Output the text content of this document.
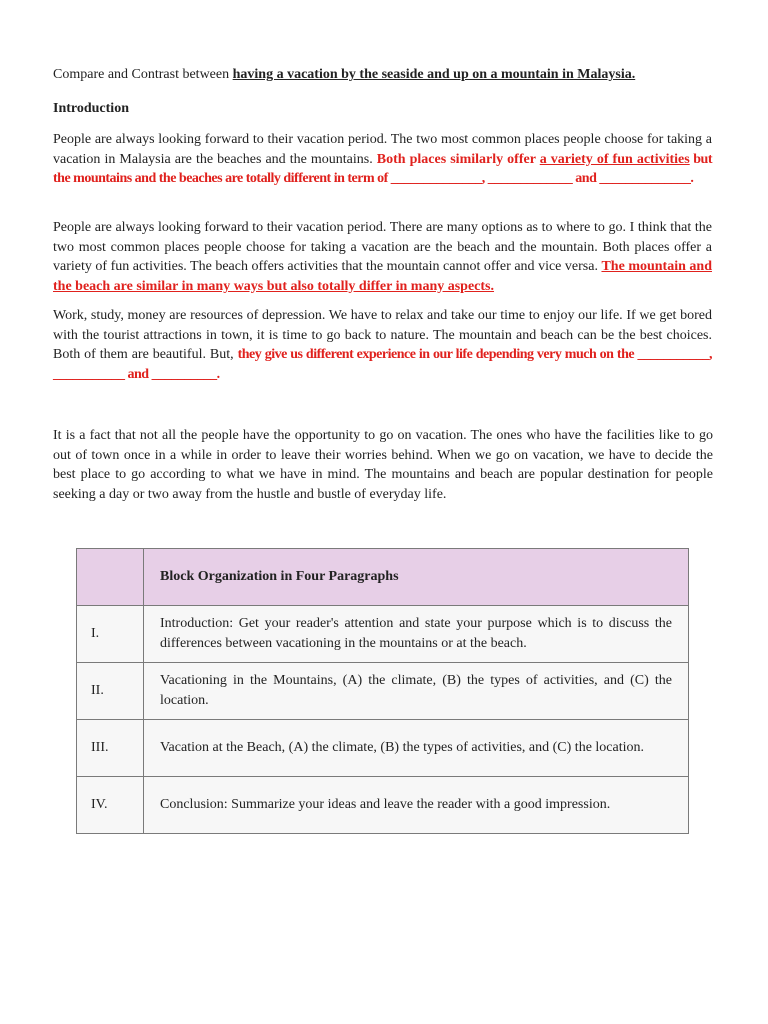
Compare and Contrast between having a vacation by the seaside and up on a mountain in Malaysia.

Introduction

People are always looking forward to their vacation period. The two most common places people choose for taking a vacation in Malaysia are the beaches and the mountains. Both places similarly offer a variety of fun activities but the mountains and the beaches are totally different in term of ______________, _____________ and ______________.

People are always looking forward to their vacation period. There are many options as to where to go. I think that the two most common places people choose for taking a vacation are the beach and the mountain. Both places offer a variety of fun activities. The beach offers activities that the mountain cannot offer and vice versa. The mountain and the beach are similar in many ways but also totally differ in many aspects.

Work, study, money are resources of depression. We have to relax and take our time to enjoy our life. If we get bored with the tourist attractions in town, it is time to go back to nature. The mountain and beach can be the best choices. Both of them are beautiful. But, they give us different experience in our life depending very much on the ___________, ___________ and __________.

It is a fact that not all the people have the opportunity to go on vacation. The ones who have the facilities like to go out of town once in a while in order to leave their worries behind. When we go on vacation, we have to decide the best place to go according to what we have in mind. The mountains and beach are popular destination for people seeking a day or two away from the hustle and bustle of everyday life.

	Block Organization in Four Paragraphs
I.	Introduction: Get your reader's attention and state your purpose which is to discuss the differences between vacationing in the mountains or at the beach.
II.	Vacationing in the Mountains, (A) the climate, (B) the types of activities, and (C) the location.
III.	Vacation at the Beach, (A) the climate, (B) the types of activities, and (C) the location.
IV.	Conclusion: Summarize your ideas and leave the reader with a good impression.
